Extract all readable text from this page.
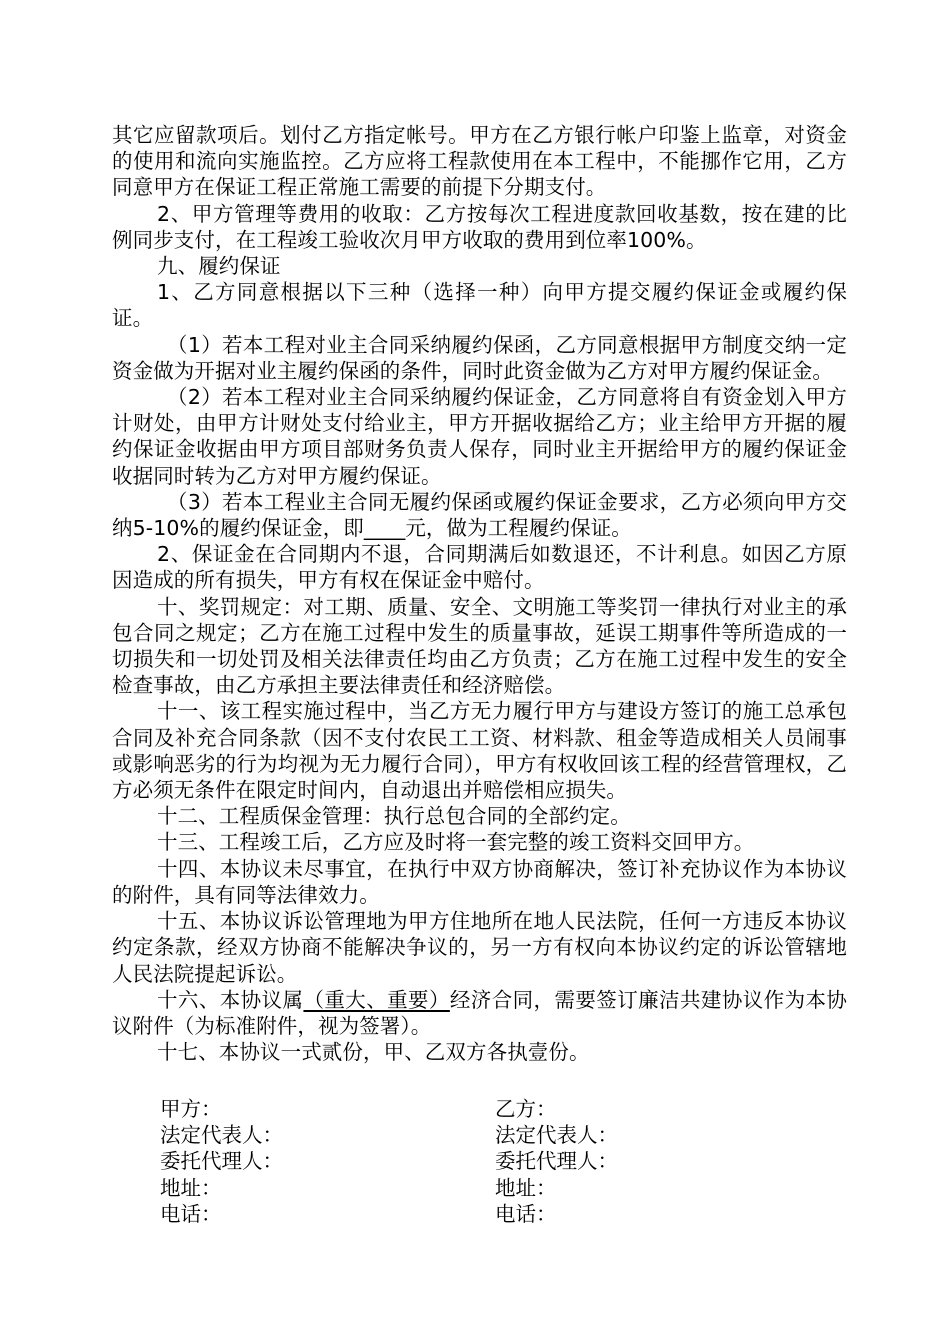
其它应留款项后。划付乙方指定帐号。甲方在乙方银行帐户印鉴上监章，对资金的使用和流向实施监控。乙方应将工程款使用在本工程中，不能挪作它用，乙方同意甲方在保证工程正常施工需要的前提下分期支付。

2、甲方管理等费用的收取：乙方按每次工程进度款回收基数，按在建的比例同步支付，在工程竣工验收次月甲方收取的费用到位率100%。

九、履约保证

1、乙方同意根据以下三种（选择一种）向甲方提交履约保证金或履约保证。

（1）若本工程对业主合同采纳履约保函，乙方同意根据甲方制度交纳一定资金做为开据对业主履约保函的条件，同时此资金做为乙方对甲方履约保证金。

（2）若本工程对业主合同采纳履约保证金，乙方同意将自有资金划入甲方计财处，由甲方计财处支付给业主，甲方开据收据给乙方；业主给甲方开据的履约保证金收据由甲方项目部财务负责人保存，同时业主开据给甲方的履约保证金收据同时转为乙方对甲方履约保证。

（3）若本工程业主合同无履约保函或履约保证金要求，乙方必须向甲方交纳5-10%的履约保证金，即____元，做为工程履约保证。

2、保证金在合同期内不退，合同期满后如数退还，不计利息。如因乙方原因造成的所有损失，甲方有权在保证金中赔付。

十、奖罚规定：对工期、质量、安全、文明施工等奖罚一律执行对业主的承包合同之规定；乙方在施工过程中发生的质量事故，延误工期事件等所造成的一切损失和一切处罚及相关法律责任均由乙方负责；乙方在施工过程中发生的安全检查事故，由乙方承担主要法律责任和经济赔偿。

十一、该工程实施过程中，当乙方无力履行甲方与建设方签订的施工总承包合同及补充合同条款（因不支付农民工工资、材料款、租金等造成相关人员闹事或影响恶劣的行为均视为无力履行合同），甲方有权收回该工程的经营管理权，乙方必须无条件在限定时间内，自动退出并赔偿相应损失。

十二、工程质保金管理：执行总包合同的全部约定。

十三、工程竣工后，乙方应及时将一套完整的竣工资料交回甲方。

十四、本协议未尽事宜，在执行中双方协商解决，签订补充协议作为本协议的附件，具有同等法律效力。

十五、本协议诉讼管理地为甲方住地所在地人民法院，任何一方违反本协议约定条款，经双方协商不能解决争议的，另一方有权向本协议约定的诉讼管辖地人民法院提起诉讼。

十六、本协议属（重大、重要）经济合同，需要签订廉洁共建协议作为本协议附件（为标准附件，视为签署）。

十七、本协议一式贰份，甲、乙双方各执壹份。

甲方：	乙方：
法定代表人：	法定代表人：
委托代理人：	委托代理人：
地址：	地址：
电话：	电话：
